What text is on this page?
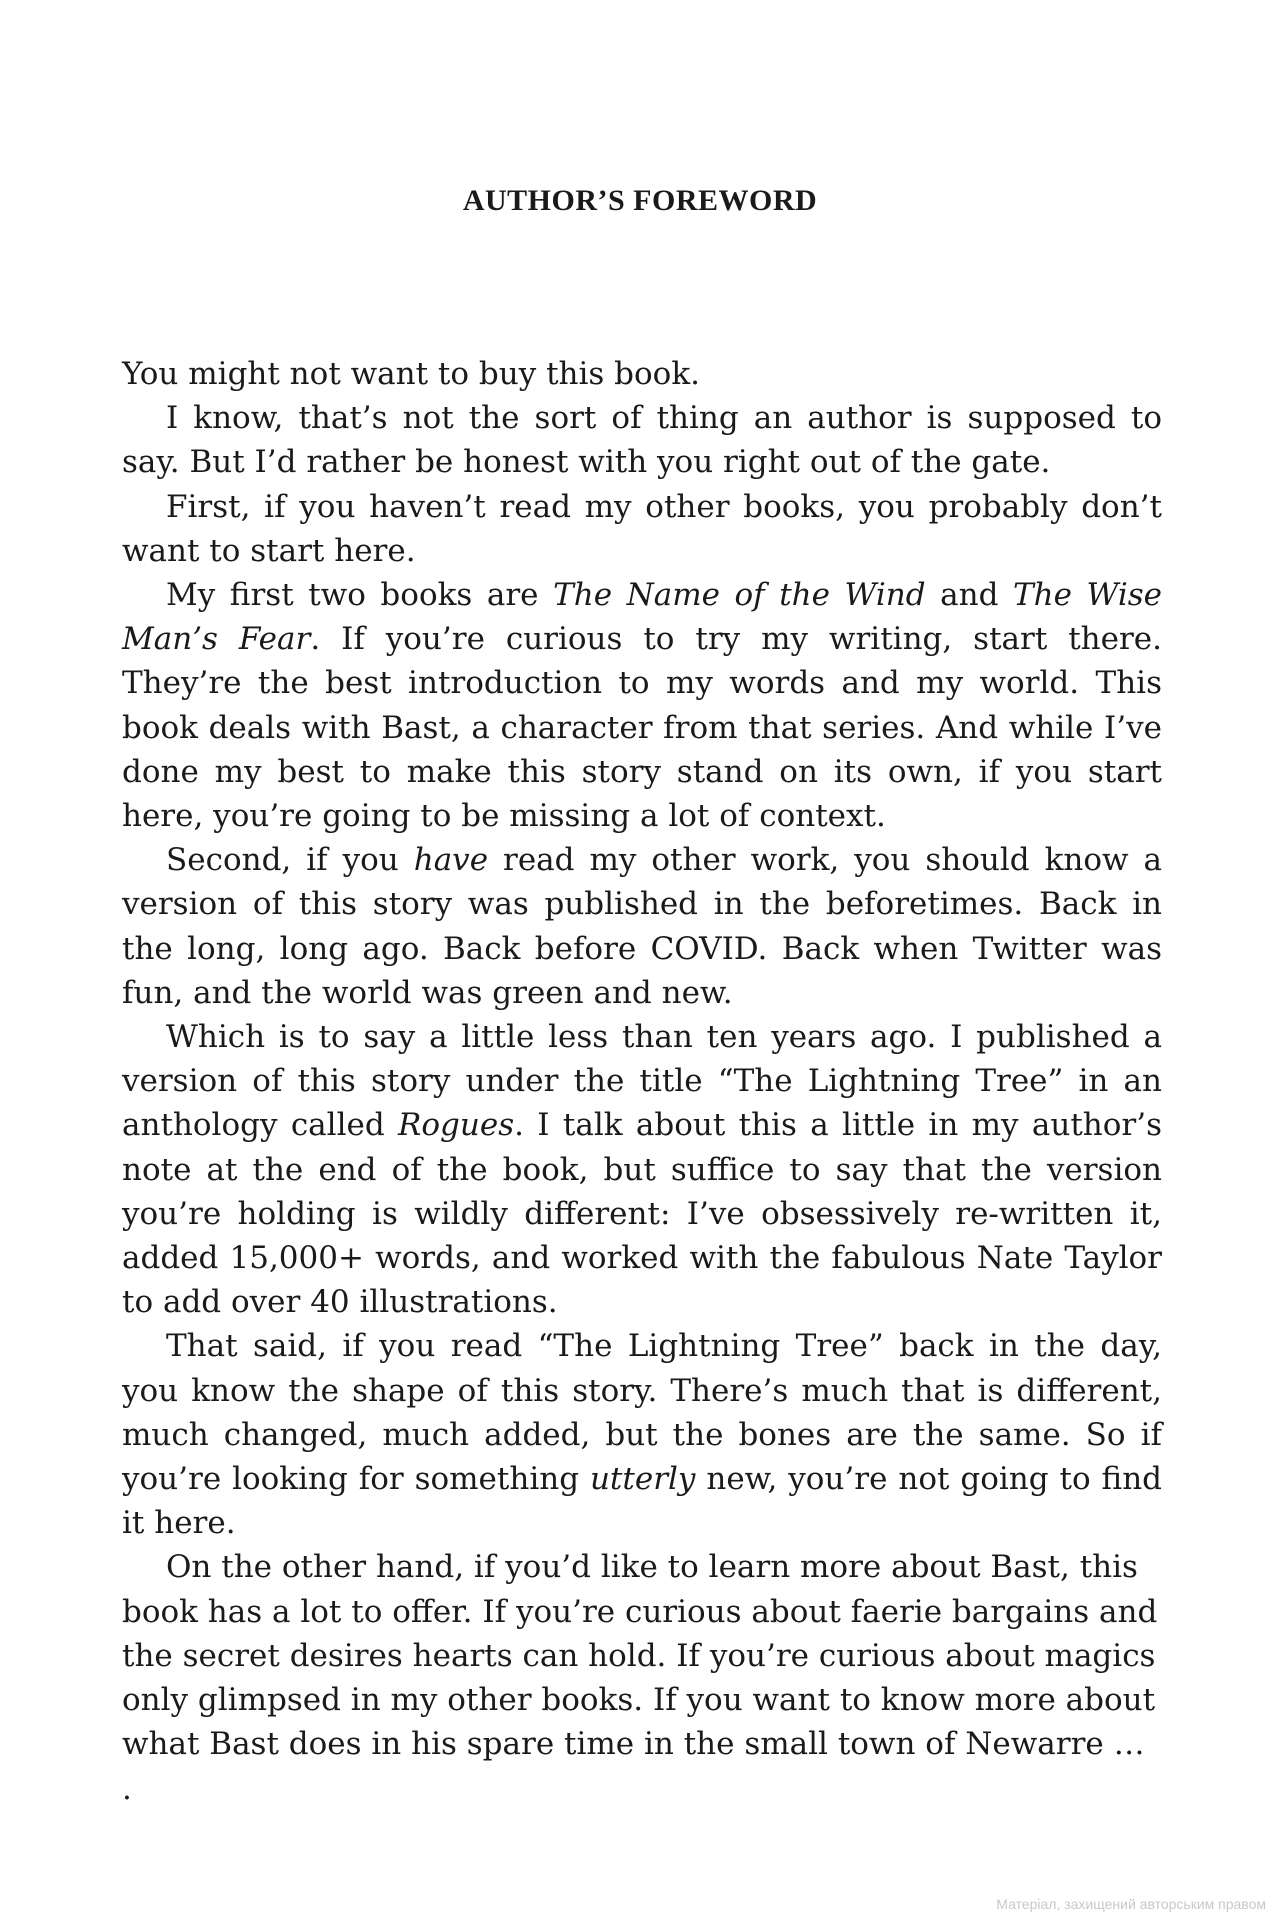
AUTHOR’S FOREWORD

You might not want to buy this book.

I know, that’s not the sort of thing an author is supposed to say. But I’d rather be honest with you right out of the gate.

First, if you haven’t read my other books, you probably don’t want to start here.

My first two books are The Name of the Wind and The Wise Man’s Fear. If you’re curious to try my writing, start there. They’re the best introduction to my words and my world. This book deals with Bast, a character from that series. And while I’ve done my best to make this story stand on its own, if you start here, you’re going to be missing a lot of context.

Second, if you have read my other work, you should know a version of this story was published in the beforetimes. Back in the long, long ago. Back before COVID. Back when Twitter was fun, and the world was green and new.

Which is to say a little less than ten years ago. I published a version of this story under the title “The Lightning Tree” in an anthology called Rogues. I talk about this a little in my author’s note at the end of the book, but suffice to say that the version you’re holding is wildly different: I’ve obsessively re-written it, added 15,000+ words, and worked with the fabulous Nate Taylor to add over 40 illustrations.

That said, if you read “The Lightning Tree” back in the day, you know the shape of this story. There’s much that is different, much changed, much added, but the bones are the same. So if you’re looking for something utterly new, you’re not going to find it here.

On the other hand, if you’d like to learn more about Bast, this book has a lot to offer. If you’re curious about faerie bargains and the secret desires hearts can hold. If you’re curious about magics only glimpsed in my other books. If you want to know more about what Bast does in his spare time in the small town of Newarre … .

Матеріал, захищений авторським правом
